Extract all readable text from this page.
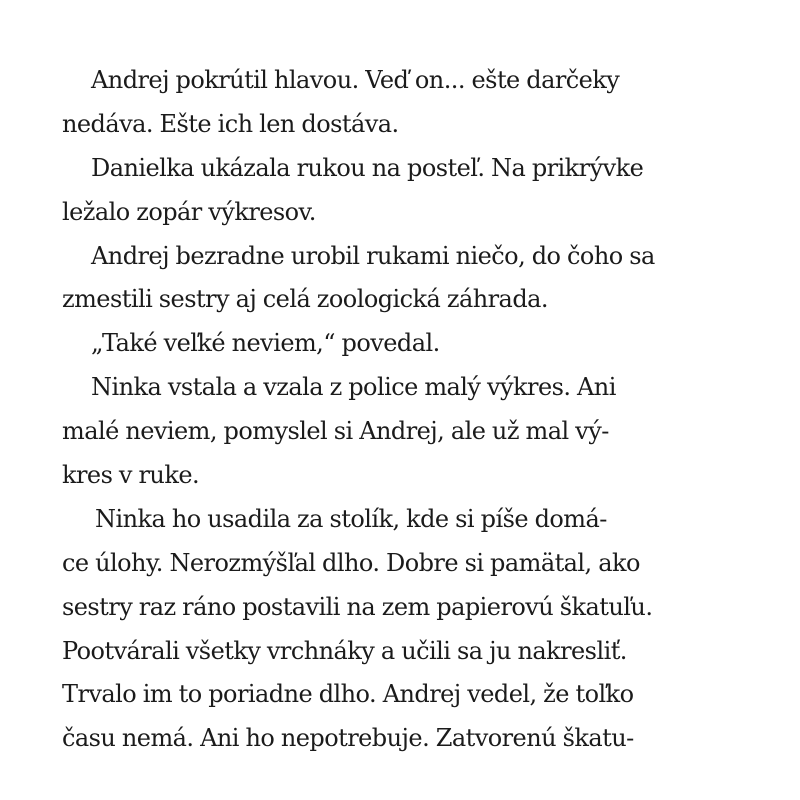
Andrej pokrútil hlavou. Veď on... ešte darčeky
nedáva. Ešte ich len dostáva.
Danielka ukázala rukou na posteľ. Na prikrývke
ležalo zopár výkresov.
Andrej bezradne urobil rukami niečo, do čoho sa
zmestili sestry aj celá zoologická záhrada.
„Také veľké neviem,“ povedal.
Ninka vstala a vzala z police malý výkres. Ani
malé neviem, pomyslel si Andrej, ale už mal vý-
kres v ruke.
Ninka ho usadila za stolík, kde si píše domá-
ce úlohy. Nerozmýšľal dlho. Dobre si pamätal, ako
sestry raz ráno postavili na zem papierovú škatuľu.
Pootvárali všetky vrchnáky a učili sa ju nakresliť.
Trvalo im to poriadne dlho. Andrej vedel, že toľko
času nemá. Ani ho nepotrebuje. Zatvorenú škatu-
